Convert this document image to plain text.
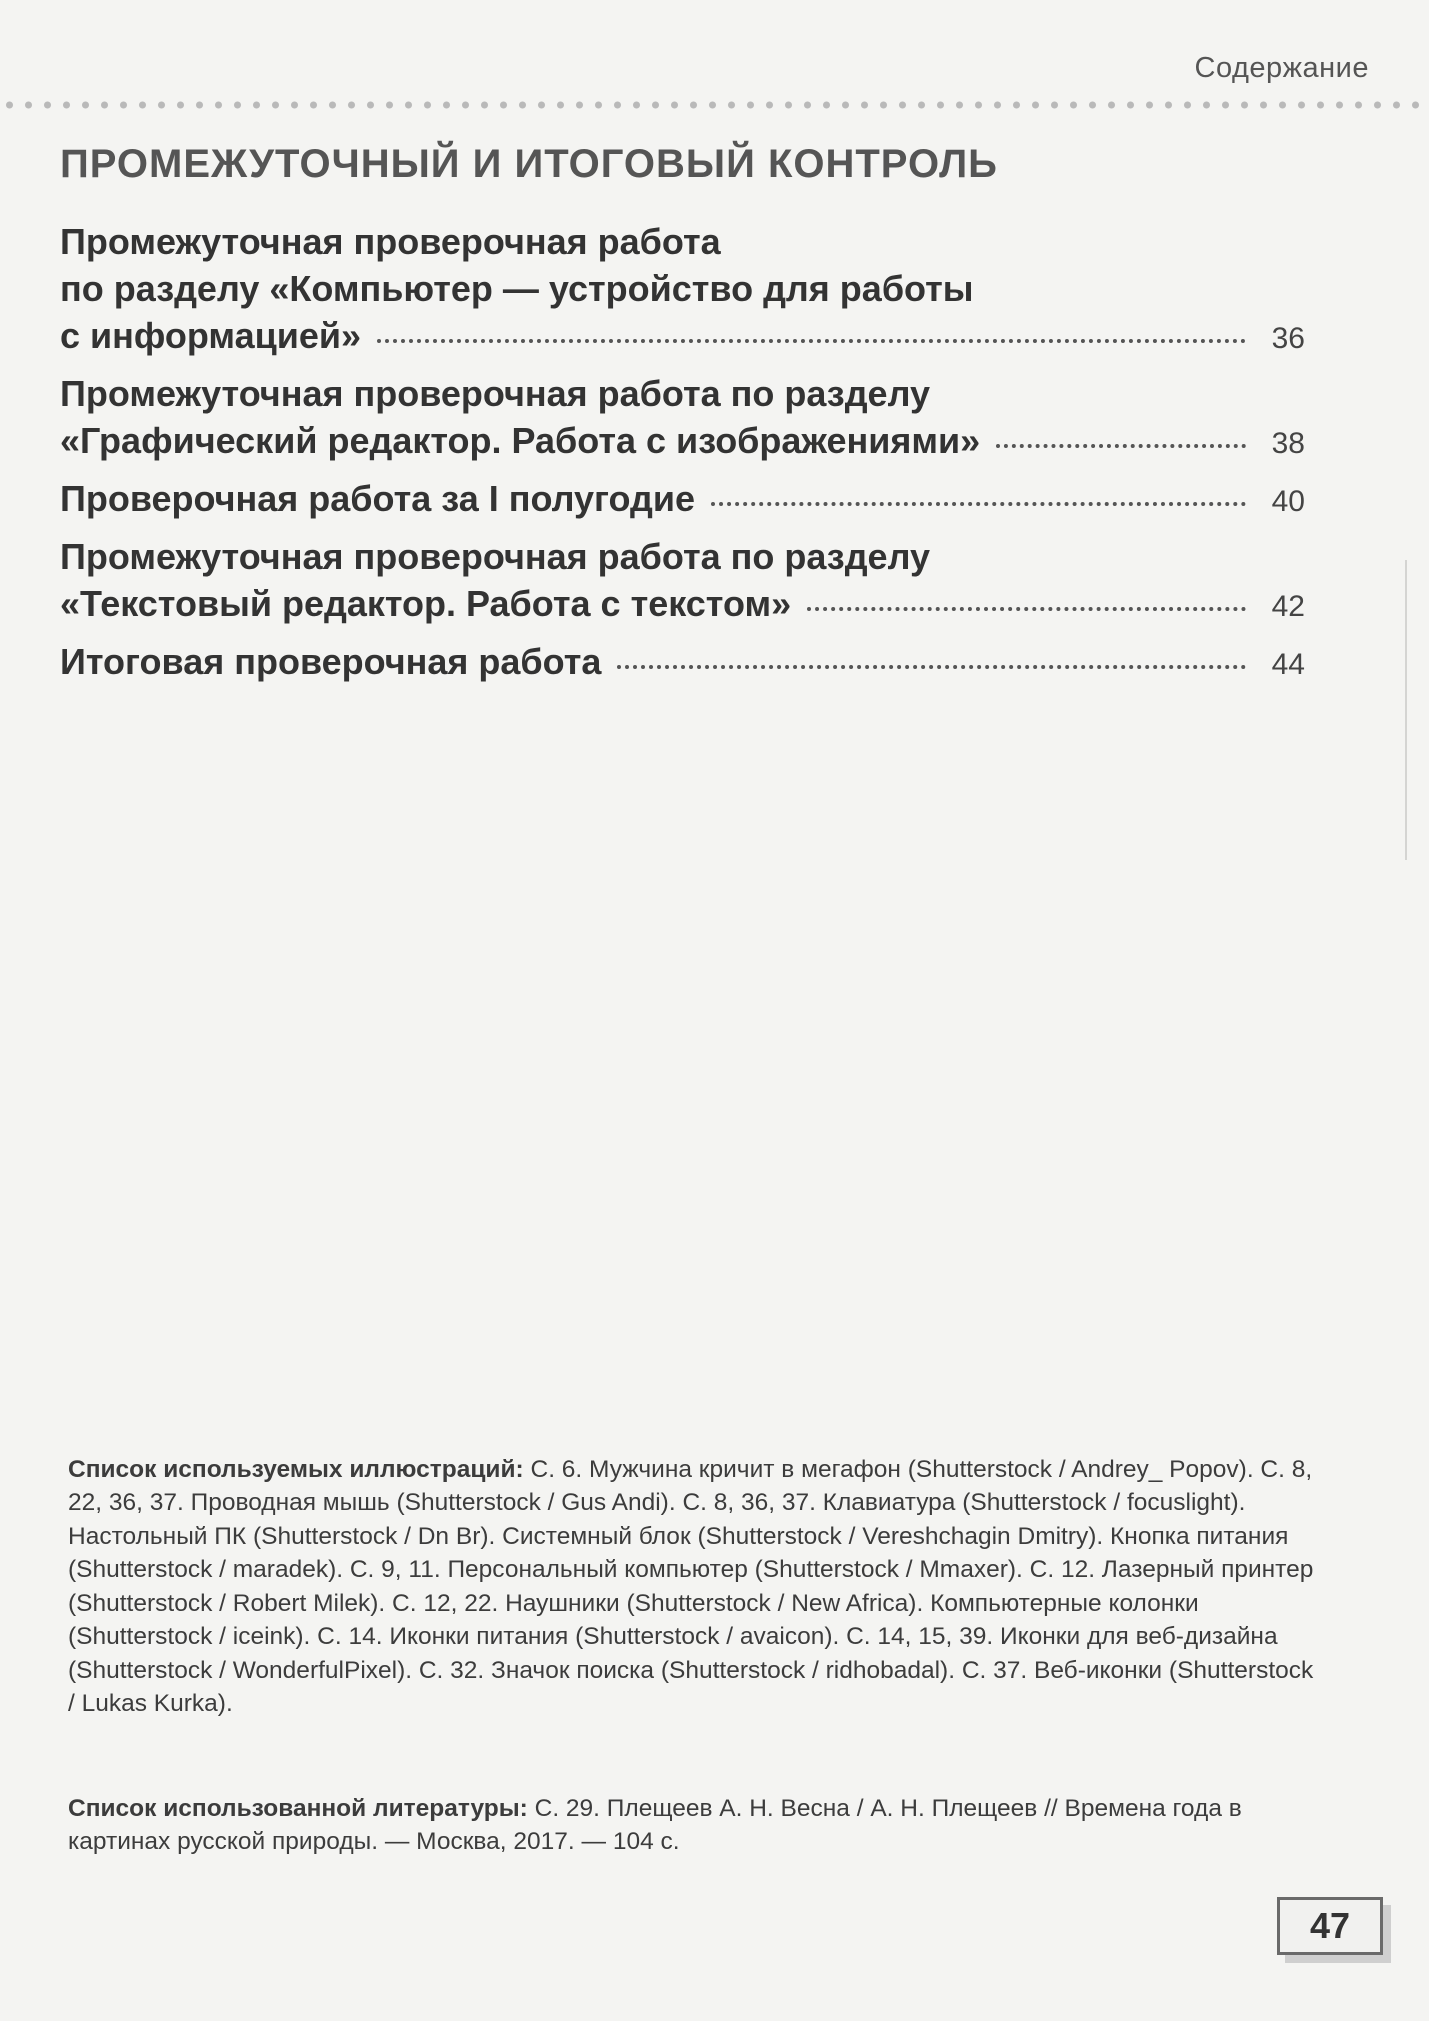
Содержание
ПРОМЕЖУТОЧНЫЙ И ИТОГОВЫЙ КОНТРОЛЬ
Промежуточная проверочная работа
по разделу «Компьютер — устройство для работы
с информацией»	36
Промежуточная проверочная работа по разделу
«Графический редактор. Работа с изображениями»	38
Проверочная работа за I полугодие	40
Промежуточная проверочная работа по разделу
«Текстовый редактор. Работа с текстом»	42
Итоговая проверочная работа	44

Список используемых иллюстраций: С. 6. Мужчина кричит в мегафон (Shutterstock / Andrey_ Popov). С. 8, 22, 36, 37. Проводная мышь (Shutterstock / Gus Andi). С. 8, 36, 37. Клавиатура (Shutterstock / focuslight). Настольный ПК (Shutterstock / Dn Br). Системный блок (Shutterstock / Vereshchagin Dmitry). Кнопка питания (Shutterstock / maradek). С. 9, 11. Персональный компьютер (Shutterstock / Mmaxer). С. 12. Лазерный принтер (Shutterstock / Robert Milek). С. 12, 22. Наушники (Shutterstock / New Africa). Компьютерные колонки (Shutterstock / iceink). С. 14. Иконки питания (Shutterstock / avaicon). С. 14, 15, 39. Иконки для веб-дизайна (Shutterstock / WonderfulPixel). С. 32. Значок поиска (Shutterstock / ridhobadal). С. 37. Веб-иконки (Shutterstock / Lukas Kurka).

Список использованной литературы: С. 29. Плещеев А. Н. Весна / А. Н. Плещеев // Времена года в картинах русской природы. — Москва, 2017. — 104 с.

47
